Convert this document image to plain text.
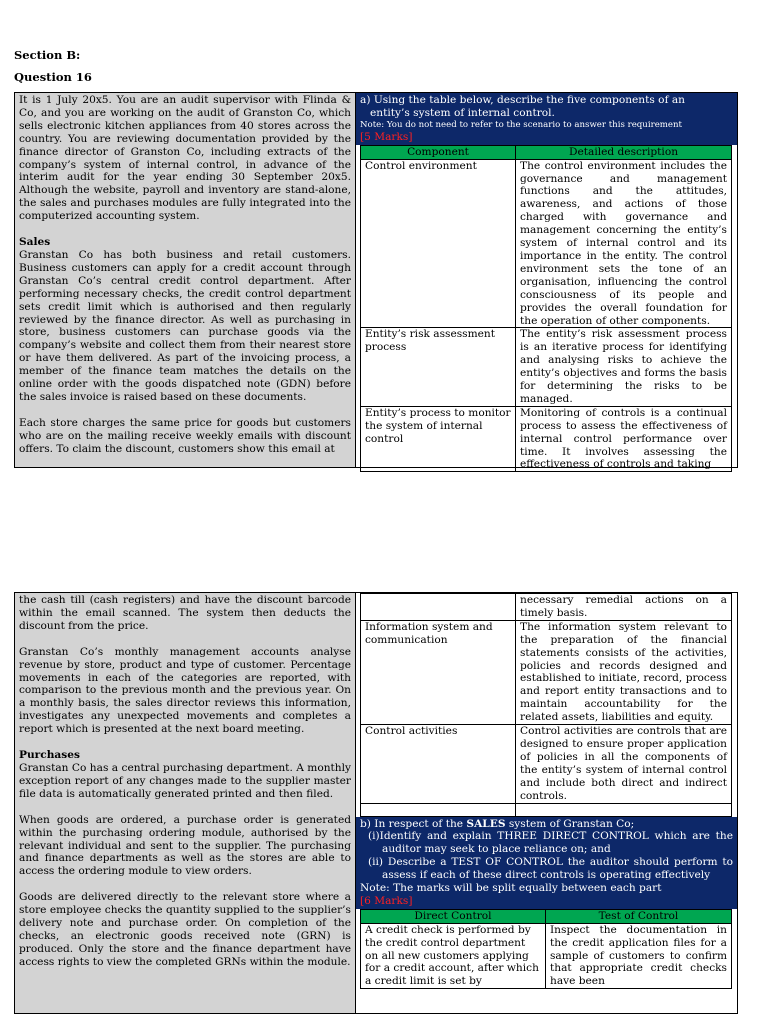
Section B:
Question 16

It is 1 July 20x5. You are an audit supervisor with Flinda & Co, and you are working on the audit of Granston Co, which sells electronic kitchen appliances from 40 stores across the country. You are reviewing documentation provided by the finance director of Granston Co, including extracts of the company’s system of internal control, in advance of the interim audit for the year ending 30 September 20x5. Although the website, payroll and inventory are stand-alone, the sales and purchases modules are fully integrated into the computerized accounting system.

Sales

Granstan Co has both business and retail customers. Business customers can apply for a credit account through Granstan Co’s central credit control department. After performing necessary checks, the credit control department sets credit limit which is authorised and then regularly reviewed by the finance director. As well as purchasing in store, business customers can purchase goods via the company’s website and collect them from their nearest store or have them delivered. As part of the invoicing process, a member of the finance team matches the details on the online order with the goods dispatched note (GDN) before the sales invoice is raised based on these documents.

Each store charges the same price for goods but customers who are on the mailing receive weekly emails with discount offers. To claim the discount, customers show this email at

a) Using the table below, describe the five components of an
entity’s system of internal control.
Note: You do not need to refer to the scenario to answer this requirement
[5 Marks]
Component	Detailed description
Control environment	The control environment includes the governance and management functions and the attitudes, awareness, and actions of those charged with governance and management concerning the entity’s system of internal control and its importance in the entity. The control environment sets the tone of an organisation, influencing the control consciousness of its people and provides the overall foundation for the operation of other components.
Entity’s risk assessment process	The entity’s risk assessment process is an iterative process for identifying and analysing risks to achieve the entity’s objectives and forms the basis for determining the risks to be managed.
Entity’s process to monitor the system of internal control	Monitoring of controls is a continual process to assess the effectiveness of internal control performance over time. It involves assessing the effectiveness of controls and taking

the cash till (cash registers) and have the discount barcode within the email scanned. The system then deducts the discount from the price.

Granstan Co’s monthly management accounts analyse revenue by store, product and type of customer. Percentage movements in each of the categories are reported, with comparison to the previous month and the previous year. On a monthly basis, the sales director reviews this information, investigates any unexpected movements and completes a report which is presented at the next board meeting.

Purchases

Granstan Co has a central purchasing department. A monthly exception report of any changes made to the supplier master file data is automatically generated printed and then filed.

When goods are ordered, a purchase order is generated within the purchasing ordering module, authorised by the relevant individual and sent to the supplier. The purchasing and finance departments as well as the stores are able to access the ordering module to view orders.

Goods are delivered directly to the relevant store where a store employee checks the quantity supplied to the supplier’s delivery note and purchase order. On completion of the checks, an electronic goods received note (GRN) is produced. Only the store and the finance department have access rights to view the completed GRNs within the module.

	necessary remedial actions on a timely basis.
Information system and communication	The information system relevant to the preparation of the financial statements consists of the activities, policies and records designed and established to initiate, record, process and report entity transactions and to maintain accountability for the related assets, liabilities and equity.
Control activities	Control activities are controls that are designed to ensure proper application of policies in all the components of the entity’s system of internal control and include both direct and indirect controls.

b) In respect of the SALES system of Granstan Co;
(i)Identify and explain THREE DIRECT CONTROL which are the auditor may seek to place reliance on; and
(ii) Describe a TEST OF CONTROL the auditor should perform to assess if each of these direct controls is operating effectively
Note: The marks will be split equally between each part
[6 Marks]
Direct Control	Test of Control
A credit check is performed by the credit control department on all new customers applying for a credit account, after which a credit limit is set by	Inspect the documentation in the credit application files for a sample of customers to confirm that appropriate credit checks have been
